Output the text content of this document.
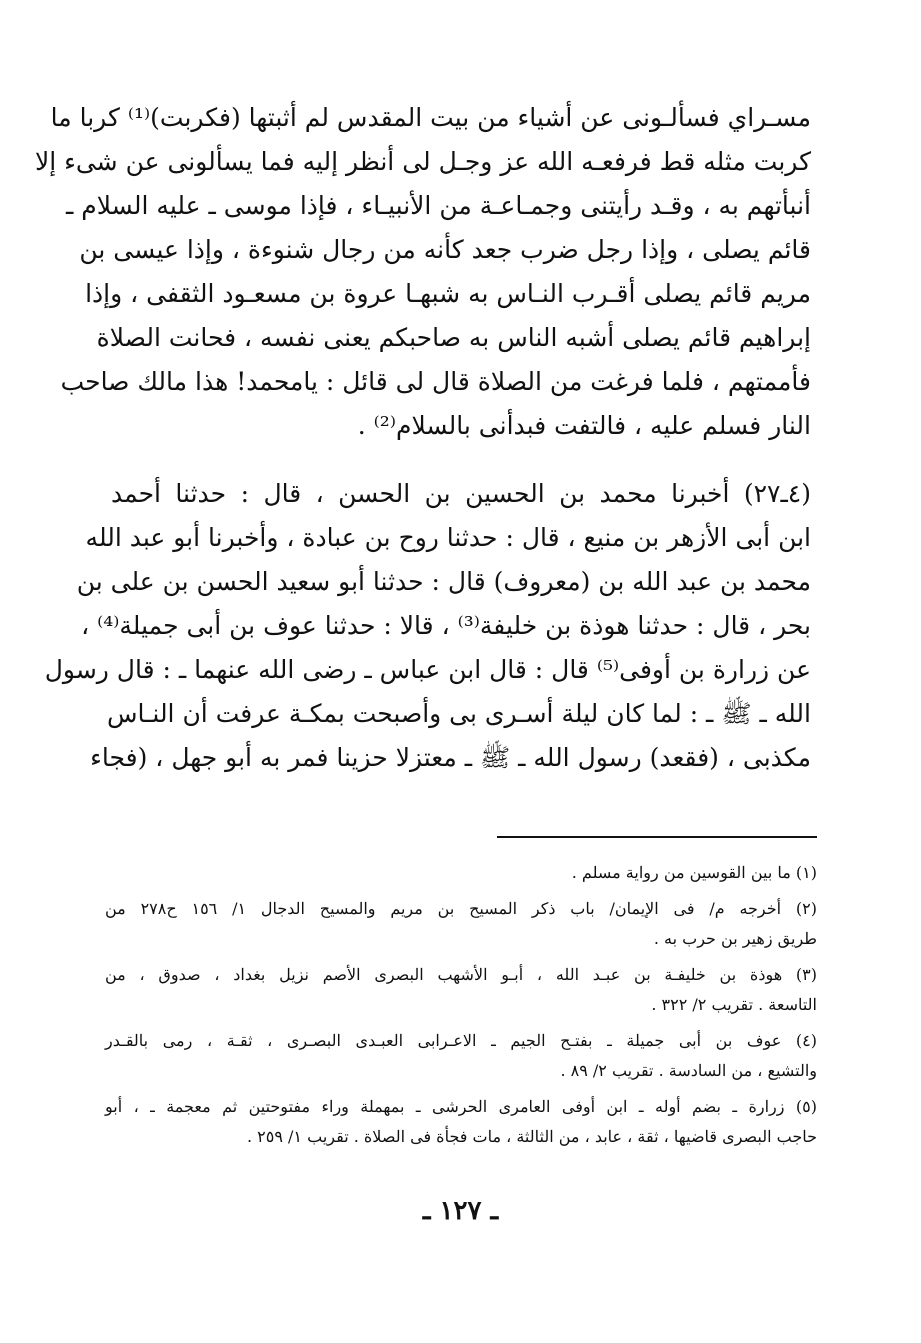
مسـراي فسألـونى عن أشياء من بيت المقدس لم أثبتها (فكربت)⁽¹⁾ كربا ما
كربت مثله قط فرفعـه الله عز وجـل لى أنظر إليه فما يسألونى عن شىء إلا
أنبأتهم به ، وقـد رأيتنى وجمـاعـة من الأنبيـاء ، فإذا موسى ـ عليه السلام ـ
قائم يصلى ، وإذا رجل ضرب جعد كأنه من رجال شنوءة ، وإذا عيسى بن
مريم قائم يصلى أقـرب النـاس به شبهـا عروة بن مسعـود الثقفى ، وإذا
إبراهيم قائم يصلى أشبه الناس به صاحبكم يعنى نفسه ، فحانت الصلاة
فأممتهم ، فلما فرغت من الصلاة قال لى قائل : يامحمد! هذا مالك صاحب
النار فسلم عليه ، فالتفت فبدأنى بالسلام⁽²⁾ .
(٤ـ٢٧) أخبرنا محمد بن الحسين بن الحسن ، قال : حدثنا أحمد
ابن أبى الأزهر بن منيع ، قال : حدثنا روح بن عبادة ، وأخبرنا أبو عبد الله
محمد بن عبد الله بن (معروف) قال : حدثنا أبو سعيد الحسن بن على بن
بحر ، قال : حدثنا هوذة بن خليفة⁽³⁾ ، قالا : حدثنا عوف بن أبى جميلة⁽⁴⁾ ،
عن زرارة بن أوفى⁽⁵⁾ قال : قال ابن عباس ـ رضى الله عنهما ـ : قال رسول
الله ـ ﷺ ـ : لما كان ليلة أسـرى بى وأصبحت بمكـة عرفت أن النـاس
مكذبى ، (فقعد) رسول الله ـ ﷺ ـ معتزلا حزينا فمر به أبو جهل ، (فجاء
(١) ما بين القوسين من رواية مسلم .
(٢) أخرجه م/ فى الإيمان/ باب ذكر المسيح بن مريم والمسيح الدجال ١/ ١٥٦ ح٢٧٨ من
طريق زهير بن حرب به .
(٣) هوذة بن خليفـة بن عبـد الله ، أبـو الأشهب البصرى الأصم نزيل بغداد ، صدوق ، من
التاسعة . تقريب ٢/ ٣٢٢ .
(٤) عوف بن أبى جميلة ـ بفتـح الجيم ـ الاعـرابى العبـدى البصـرى ، ثقـة ، رمى بالقـدر
والتشيع ، من السادسة . تقريب ٢/ ٨٩ .
(٥) زرارة ـ بضم أوله ـ ابن أوفى العامرى الحرشى ـ بمهملة وراء مفتوحتين ثم معجمة ـ ، أبو
حاجب البصرى قاضيها ، ثقة ، عابد ، من الثالثة ، مات فجأة فى الصلاة . تقريب ١/ ٢٥٩ .
ـ ١٢٧ ـ
